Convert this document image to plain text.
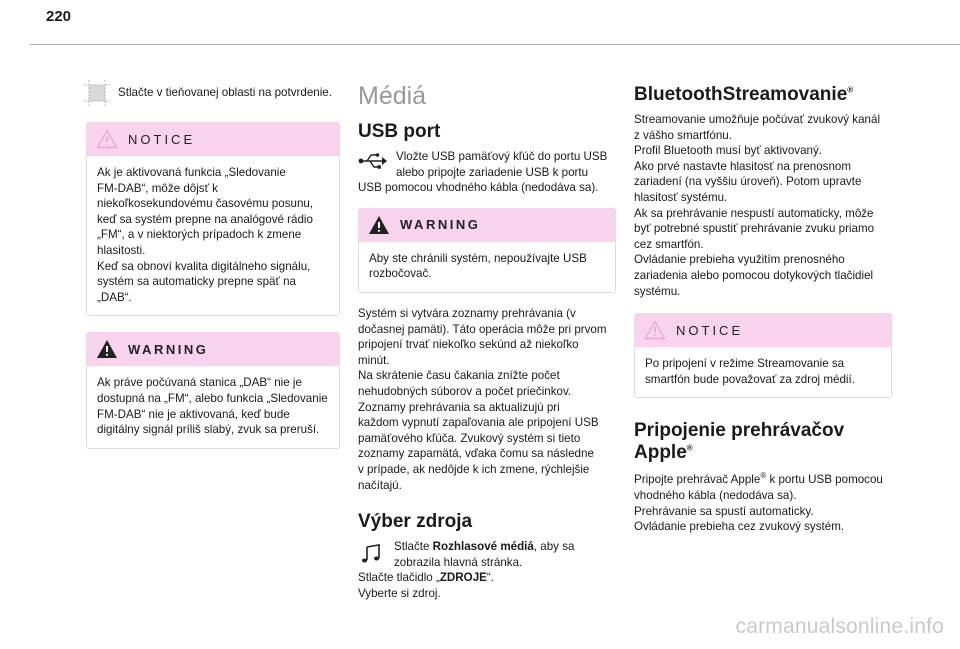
220

Stlačte v tieňovanej oblasti na potvrdenie.

NOTICE

Ak je aktivovaná funkcia „Sledovanie

FM-DAB“, môže dôjsť k

niekoľkosekundovému časovému posunu,

keď sa systém prepne na analógové rádio

„FM“, a v niektorých prípadoch k zmene

hlasitosti.

Keď sa obnoví kvalita digitálneho signálu,

systém sa automaticky prepne späť na „DAB“.

WARNING

Ak práve počúvaná stanica „DAB“ nie je

dostupná na „FM“, alebo funkcia „Sledovanie

FM-DAB“ nie je aktivovaná, keď bude

digitálny signál príliš slabý, zvuk sa preruší.

Médiá
USB port

Vložte USB pamäťový kľúč do portu USB

alebo pripojte zariadenie USB k portu

USB pomocou vhodného kábla (nedodáva sa).

WARNING

Aby ste chránili systém, nepoužívajte USB

rozbočovač.

Systém si vytvára zoznamy prehrávania (v

dočasnej pamäti). Táto operácia môže pri prvom

pripojení trvať niekoľko sekúnd až niekoľko

minút.

Na skrátenie času čakania znížte počet

nehudobných súborov a počet priečinkov.

Zoznamy prehrávania sa aktualizujú pri

každom vypnutí zapaľovania ale pripojení USB

pamäťového kľúča. Zvukový systém si tieto

zoznamy zapamätá, vďaka čomu sa následne

v prípade, ak nedôjde k ich zmene, rýchlejšie

načítajú.

Výber zdroja

Stlačte Rozhlasové médiá, aby sa

zobrazila hlavná stránka.

Stlačte tlačidlo „ZDROJE“.

Vyberte si zdroj.

BluetoothStreamovanie®

Streamovanie umožňuje počúvať zvukový kanál

z vášho smartfónu.

Profil Bluetooth musí byť aktivovaný.

Ako prvé nastavte hlasitosť na prenosnom

zariadení (na vyššiu úroveň). Potom upravte

hlasitosť systému.

Ak sa prehrávanie nespustí automaticky, môže

byť potrebné spustiť prehrávanie zvuku priamo

cez smartfón.

Ovládanie prebieha využitím prenosného

zariadenia alebo pomocou dotykových tlačidiel

systému.

NOTICE

Po pripojení v režime Streamovanie sa

smartfón bude považovať za zdroj médií.

Pripojenie prehrávačov
Apple®

Pripojte prehrávač Apple® k portu USB pomocou

vhodného kábla (nedodáva sa).

Prehrávanie sa spustí automaticky.

Ovládanie prebieha cez zvukový systém.

carmanualsonline.info
